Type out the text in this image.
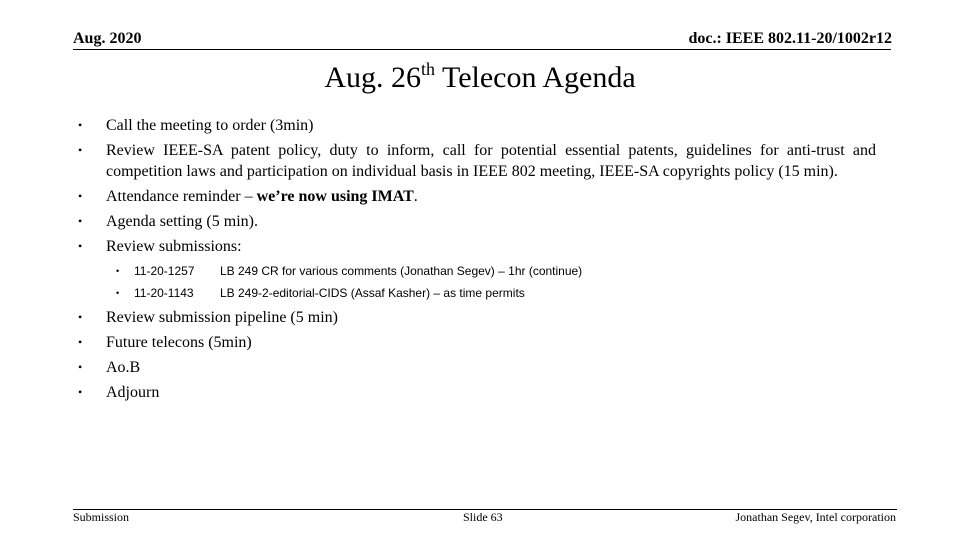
Aug. 2020	doc.: IEEE 802.11-20/1002r12
Aug. 26th Telecon Agenda
• Call the meeting to order (3min)
• Review IEEE-SA patent policy, duty to inform, call for potential essential patents, guidelines for anti-trust and competition laws and participation on individual basis in IEEE 802 meeting, IEEE-SA copyrights policy (15 min).
• Attendance reminder – we’re now using IMAT.
• Agenda setting (5 min).
• Review submissions:
• 11-20-1257 LB 249 CR for various comments (Jonathan Segev) – 1hr (continue)
• 11-20-1143 LB 249-2-editorial-CIDS (Assaf Kasher) – as time permits
• Review submission pipeline (5 min)
• Future telecons (5min)
• Ao.B
• Adjourn
Submission	Slide 63	Jonathan Segev, Intel corporation
